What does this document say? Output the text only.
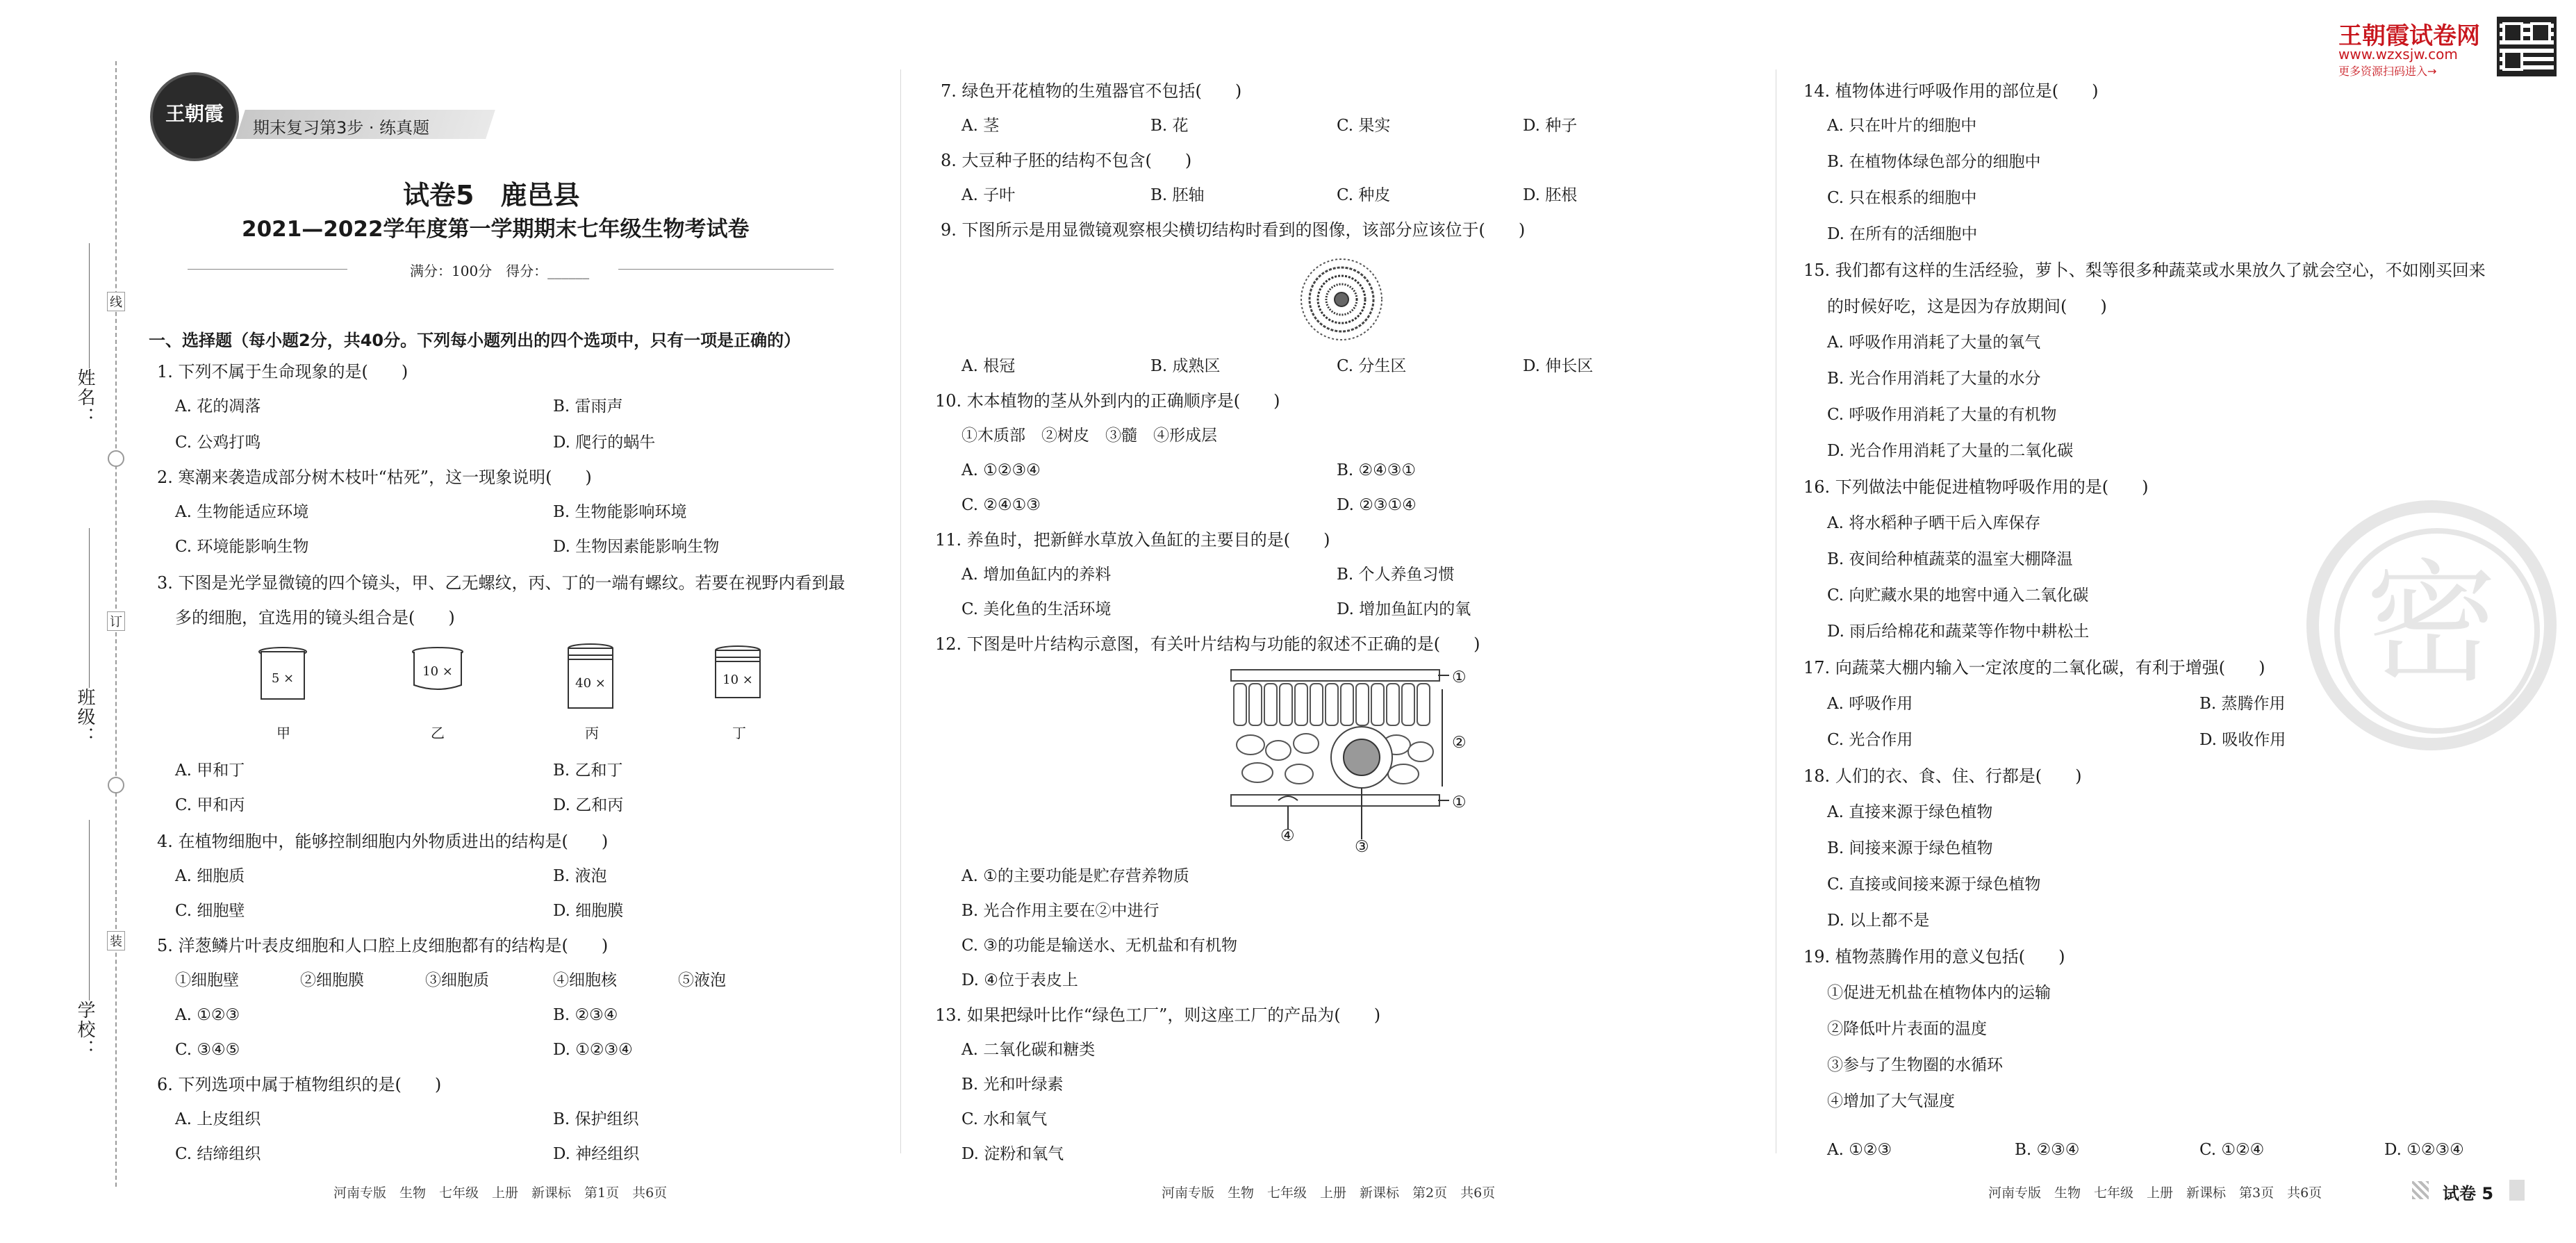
姓名：
班级：
学校：
线
订
装
王朝霞
期末复习第3步 · 练真题
试卷5　鹿邑县
2021—2022学年度第一学期期末七年级生物考试卷
满分：100分　得分：______
一、选择题（每小题2分，共40分。下列每小题列出的四个选项中，只有一项是正确的）
1. 下列不属于生命现象的是(　　)
A. 花的凋落	B. 雷雨声
C. 公鸡打鸣	D. 爬行的蜗牛
2. 寒潮来袭造成部分树木枝叶“枯死”，这一现象说明(　　)
A. 生物能适应环境	B. 生物能影响环境
C. 环境能影响生物	D. 生物因素能影响生物
3. 下图是光学显微镜的四个镜头，甲、乙无螺纹，丙、丁的一端有螺纹。若要在视野内看到最
多的细胞，宜选用的镜头组合是(　　)
5 ×	10 ×
40 ×	10 ×
甲	乙	丙	丁
A. 甲和丁	B. 乙和丁
C. 甲和丙	D. 乙和丙
4. 在植物细胞中，能够控制细胞内外物质进出的结构是(　　)
A. 细胞质	B. 液泡
C. 细胞壁	D. 细胞膜
5. 洋葱鳞片叶表皮细胞和人口腔上皮细胞都有的结构是(　　)
①细胞壁	②细胞膜	③细胞质	④细胞核	⑤液泡
A. ①②③	B. ②③④
C. ③④⑤	D. ①②③④
6. 下列选项中属于植物组织的是(　　)
A. 上皮组织	B. 保护组织
C. 结缔组织	D. 神经组织
河南专版　生物　七年级　上册　新课标　第1页　共6页
7. 绿色开花植物的生殖器官不包括(　　)
A. 茎	B. 花	C. 果实	D. 种子
8. 大豆种子胚的结构不包含(　　)
A. 子叶	B. 胚轴	C. 种皮	D. 胚根
9. 下图所示是用显微镜观察根尖横切结构时看到的图像，该部分应该位于(　　)
A. 根冠	B. 成熟区	C. 分生区	D. 伸长区
10. 木本植物的茎从外到内的正确顺序是(　　)
①木质部　②树皮　③髓　④形成层
A. ①②③④	B. ②④③①
C. ②④①③	D. ②③①④
11. 养鱼时，把新鲜水草放入鱼缸的主要目的是(　　)
A. 增加鱼缸内的养料	B. 个人养鱼习惯
C. 美化鱼的生活环境	D. 增加鱼缸内的氧
12. 下图是叶片结构示意图，有关叶片结构与功能的叙述不正确的是(　　)
①
②
①
④
③
A. ①的主要功能是贮存营养物质
B. 光合作用主要在②中进行
C. ③的功能是输送水、无机盐和有机物
D. ④位于表皮上
13. 如果把绿叶比作“绿色工厂”，则这座工厂的产品为(　　)
A. 二氧化碳和糖类
B. 光和叶绿素
C. 水和氧气
D. 淀粉和氧气
河南专版　生物　七年级　上册　新课标　第2页　共6页
王朝霞试卷网
www.wzxsjw.com
更多资源扫码进入→
密
14. 植物体进行呼吸作用的部位是(　　)
A. 只在叶片的细胞中
B. 在植物体绿色部分的细胞中
C. 只在根系的细胞中
D. 在所有的活细胞中
15. 我们都有这样的生活经验，萝卜、梨等很多种蔬菜或水果放久了就会空心，不如刚买回来
的时候好吃，这是因为存放期间(　　)
A. 呼吸作用消耗了大量的氧气
B. 光合作用消耗了大量的水分
C. 呼吸作用消耗了大量的有机物
D. 光合作用消耗了大量的二氧化碳
16. 下列做法中能促进植物呼吸作用的是(　　)
A. 将水稻种子晒干后入库保存
B. 夜间给种植蔬菜的温室大棚降温
C. 向贮藏水果的地窖中通入二氧化碳
D. 雨后给棉花和蔬菜等作物中耕松土
17. 向蔬菜大棚内输入一定浓度的二氧化碳，有利于增强(　　)
A. 呼吸作用	B. 蒸腾作用
C. 光合作用	D. 吸收作用
18. 人们的衣、食、住、行都是(　　)
A. 直接来源于绿色植物
B. 间接来源于绿色植物
C. 直接或间接来源于绿色植物
D. 以上都不是
19. 植物蒸腾作用的意义包括(　　)
①促进无机盐在植物体内的运输
②降低叶片表面的温度
③参与了生物圈的水循环
④增加了大气湿度
A. ①②③	B. ②③④	C. ①②④	D. ①②③④
河南专版　生物　七年级　上册　新课标　第3页　共6页	试卷 5
